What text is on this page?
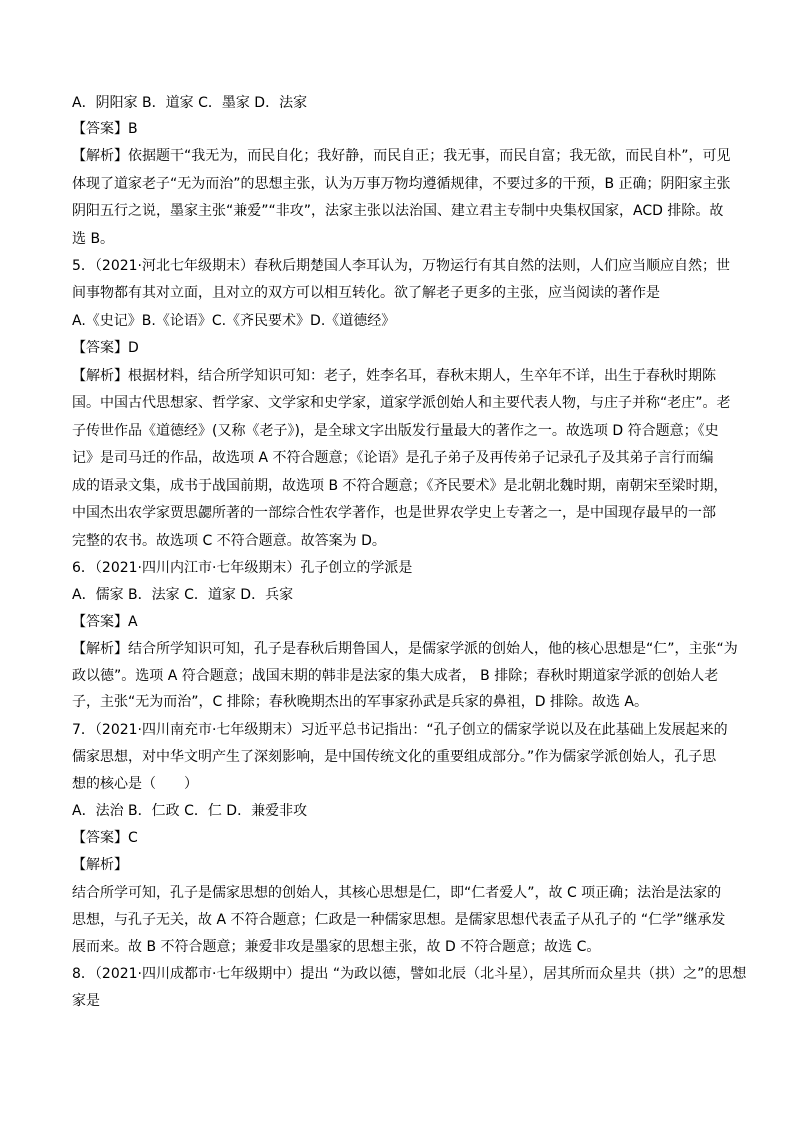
A．阴阳家 B．道家 C．墨家 D．法家
【答案】B
【解析】依据题干“我无为，而民自化；我好静，而民自正；我无事，而民自富；我无欲，而民自朴”，可见
体现了道家老子“无为而治”的思想主张，认为万事万物均遵循规律，不要过多的干预，B 正确；阴阳家主张
阴阳五行之说，墨家主张“兼爱”“非攻”，法家主张以法治国、建立君主专制中央集权国家，ACD 排除。故
选 B。
5．（2021·河北七年级期末）春秋后期楚国人李耳认为，万物运行有其自然的法则，人们应当顺应自然；世
间事物都有其对立面，且对立的双方可以相互转化。欲了解老子更多的主张，应当阅读的著作是
A.《史记》B.《论语》C.《齐民要术》D.《道德经》
【答案】D
【解析】根据材料，结合所学知识可知：老子，姓李名耳，春秋末期人，生卒年不详，出生于春秋时期陈
国。中国古代思想家、哲学家、文学家和史学家，道家学派创始人和主要代表人物，与庄子并称“老庄”。老
子传世作品《道德经》(又称《老子》)，是全球文字出版发行量最大的著作之一。故选项 D 符合题意；《史
记》是司马迁的作品，故选项 A 不符合题意；《论语》是孔子弟子及再传弟子记录孔子及其弟子言行而编
成的语录文集，成书于战国前期，故选项 B 不符合题意；《齐民要术》是北朝北魏时期，南朝宋至梁时期，
中国杰出农学家贾思勰所著的一部综合性农学著作，也是世界农学史上专著之一，是中国现存最早的一部
完整的农书。故选项 C 不符合题意。故答案为 D。
6．（2021·四川内江市·七年级期末）孔子创立的学派是
A．儒家 B．法家 C．道家 D．兵家
【答案】A
【解析】结合所学知识可知，孔子是春秋后期鲁国人，是儒家学派的创始人，他的核心思想是“仁”，主张“为
政以德”。选项 A 符合题意；战国末期的韩非是法家的集大成者， B 排除；春秋时期道家学派的创始人老
子，主张“无为而治”，C 排除；春秋晚期杰出的军事家孙武是兵家的鼻祖，D 排除。故选 A。
7．（2021·四川南充市·七年级期末）习近平总书记指出：“孔子创立的儒家学说以及在此基础上发展起来的
儒家思想，对中华文明产生了深刻影响，是中国传统文化的重要组成部分。”作为儒家学派创始人，孔子思
想的核心是（　　）
A．法治 B．仁政 C．仁 D．兼爱非攻
【答案】C
【解析】
结合所学可知，孔子是儒家思想的创始人，其核心思想是仁，即“仁者爱人”，故 C 项正确；法治是法家的
思想，与孔子无关，故 A 不符合题意；仁政是一种儒家思想。是儒家思想代表孟子从孔子的 “仁学”继承发
展而来。故 B 不符合题意；兼爱非攻是墨家的思想主张，故 D 不符合题意；故选 C。
8．（2021·四川成都市·七年级期中）提出 “为政以德，譬如北辰（北斗星），居其所而众星共（拱）之”的思想
家是
